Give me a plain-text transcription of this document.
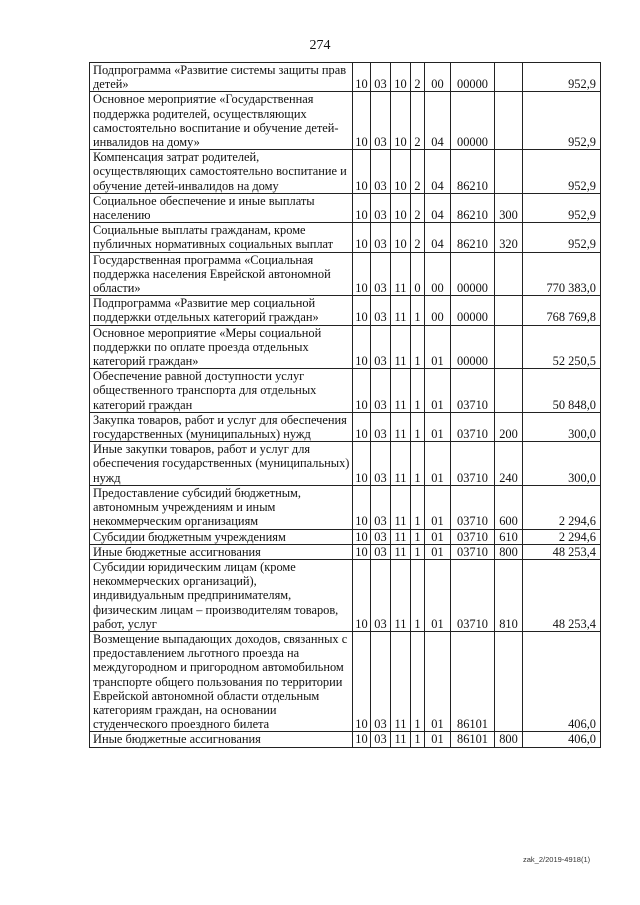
274
Подпрограмма «Развитие системы защиты прав детей»	10	03	10	2	00	00000		952,9
Основное мероприятие «Государственная поддержка родителей, осуществляющих самостоятельно воспитание и обучение детей-инвалидов на дому»	10	03	10	2	04	00000		952,9
Компенсация затрат родителей, осуществляющих самостоятельно воспитание и обучение детей-инвалидов на дому	10	03	10	2	04	86210		952,9
Социальное обеспечение и иные выплаты населению	10	03	10	2	04	86210	300	952,9
Социальные выплаты гражданам, кроме публичных нормативных социальных выплат	10	03	10	2	04	86210	320	952,9
Государственная программа «Социальная поддержка населения Еврейской автономной области»	10	03	11	0	00	00000		770 383,0
Подпрограмма «Развитие мер социальной поддержки отдельных категорий граждан»	10	03	11	1	00	00000		768 769,8
Основное мероприятие «Меры социальной поддержки по оплате проезда отдельных категорий граждан»	10	03	11	1	01	00000		52 250,5
Обеспечение равной доступности услуг общественного транспорта для отдельных категорий граждан	10	03	11	1	01	03710		50 848,0
Закупка товаров, работ и услуг для обеспечения государственных (муниципальных) нужд	10	03	11	1	01	03710	200	300,0
Иные закупки товаров, работ и услуг для обеспечения государственных (муниципальных) нужд	10	03	11	1	01	03710	240	300,0
Предоставление субсидий бюджетным, автономным учреждениям и иным некоммерческим организациям	10	03	11	1	01	03710	600	2 294,6
Субсидии бюджетным учреждениям	10	03	11	1	01	03710	610	2 294,6
Иные бюджетные ассигнования	10	03	11	1	01	03710	800	48 253,4
Субсидии юридическим лицам (кроме некоммерческих организаций), индивидуальным предпринимателям, физическим лицам – производителям товаров, работ, услуг	10	03	11	1	01	03710	810	48 253,4
Возмещение выпадающих доходов, связанных с предоставлением льготного проезда на междугородном и пригородном автомобильном транспорте общего пользования по территории Еврейской автономной области отдельным категориям граждан, на основании студенческого проездного билета	10	03	11	1	01	86101		406,0
Иные бюджетные ассигнования	10	03	11	1	01	86101	800	406,0
zak_2/2019-4918(1)
